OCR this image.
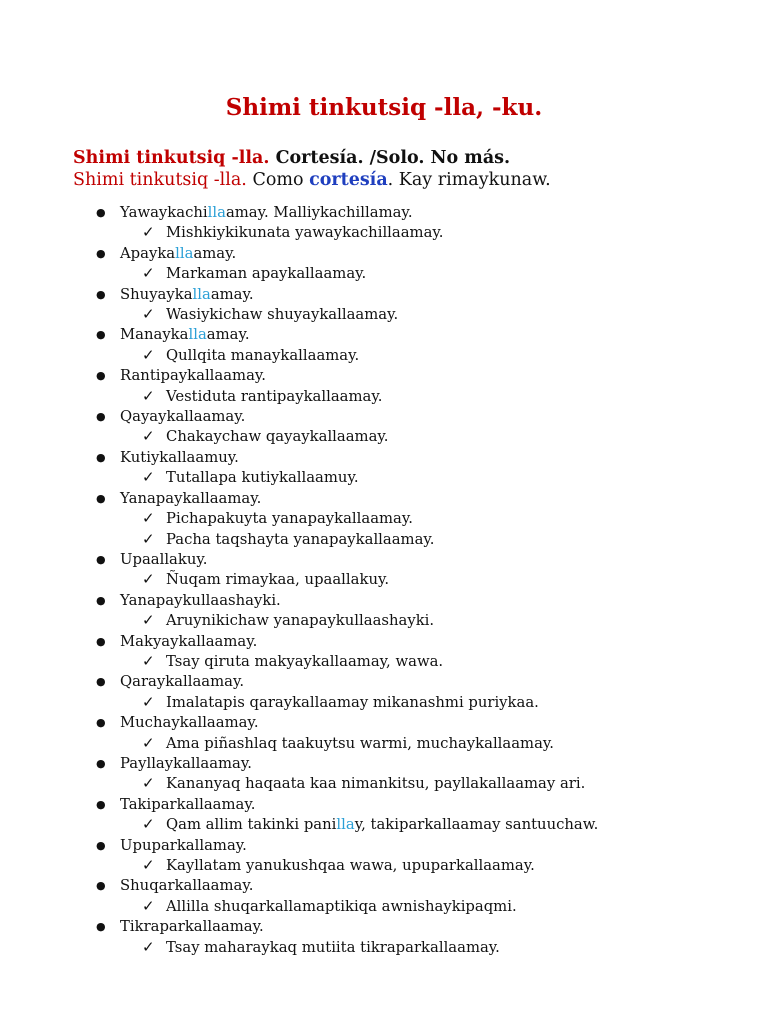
Shimi tinkutsiq -lla, -ku.
Shimi tinkutsiq -lla. Cortesía. /Solo. No más.
Shimi tinkutsiq -lla. Como cortesía. Kay rimaykunaw.
● Yawaykachillaamay. Malliykachillamay.
✓ Mishkiykikunata yawaykachillaamay.
● Apaykallaamay.
✓ Markaman apaykallaamay.
● Shuyaykallaamay.
✓ Wasiykichaw shuyaykallaamay.
● Manaykallaamay.
✓ Qullqita manaykallaamay.
● Rantipaykallaamay.
✓ Vestiduta rantipaykallaamay.
● Qayaykallaamay.
✓ Chakaychaw qayaykallaamay.
● Kutiykallaamuy.
✓ Tutallapa kutiykallaamuy.
● Yanapaykallaamay.
✓ Pichapakuyta yanapaykallaamay.
✓ Pacha taqshayta yanapaykallaamay.
● Upaallakuy.
✓ Ñuqam rimaykaa, upaallakuy.
● Yanapaykullaashayki.
✓ Aruynikichaw yanapaykullaashayki.
● Makyaykallaamay.
✓ Tsay qiruta makyaykallaamay, wawa.
● Qaraykallaamay.
✓ Imalatapis qaraykallaamay mikanashmi puriykaa.
● Muchaykallaamay.
✓ Ama piñashlaq taakuytsu warmi, muchaykallaamay.
● Payllaykallaamay.
✓ Kananyaq haqaata kaa nimankitsu, payllakallaamay ari.
● Takiparkallaamay.
✓ Qam allim takinki panillay, takiparkallaamay santuuchaw.
● Upuparkallamay.
✓ Kayllatam yanukushqaa wawa, upuparkallaamay.
● Shuqarkallaamay.
✓ Allilla shuqarkallamaptikiqa awnishaykipaqmi.
● Tikraparkallaamay.
✓ Tsay maharaykaq mutiita tikraparkallaamay.
